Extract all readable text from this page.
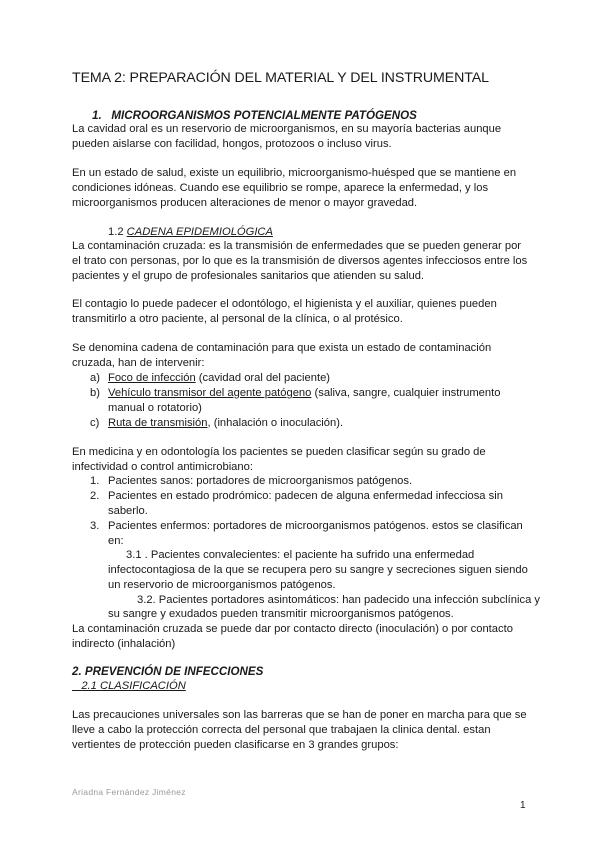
TEMA 2: PREPARACIÓN DEL MATERIAL Y DEL INSTRUMENTAL
1. MICROORGANISMOS POTENCIALMENTE PATÓGENOS
La cavidad oral es un reservorio de microorganismos, en su mayoría bacterias aunque
pueden aislarse con facilidad, hongos, protozoos o incluso virus.
En un estado de salud, existe un equilibrio, microorganismo-huésped que se mantiene en
condiciones idóneas. Cuando ese equilibrio se rompe, aparece la enfermedad, y los
microorganismos producen alteraciones de menor o mayor gravedad.
1.2 CADENA EPIDEMIOLÓGICA
La contaminación cruzada: es la transmisión de enfermedades que se pueden generar por
el trato con personas, por lo que es la transmisión de diversos agentes infecciosos entre los
pacientes y el grupo de profesionales sanitarios que atienden su salud.
El contagio lo puede padecer el odontólogo, el higienista y el auxiliar, quienes pueden
transmitirlo a otro paciente, al personal de la clínica, o al protésico.
Se denomina cadena de contaminación para que exista un estado de contaminación
cruzada, han de intervenir:
a) Foco de infección (cavidad oral del paciente)
b) Vehículo transmisor del agente patógeno (saliva, sangre, cualquier instrumento
manual o rotatorio)
c) Ruta de transmisión, (inhalación o inoculación).
En medicina y en odontología los pacientes se pueden clasificar según su grado de
infectividad o control antimicrobiano:
1. Pacientes sanos: portadores de microorganismos patógenos.
2. Pacientes en estado prodrómico: padecen de alguna enfermedad infecciosa sin
saberlo.
3. Pacientes enfermos: portadores de microorganismos patógenos. estos se clasifican
en:
3.1 . Pacientes convalecientes: el paciente ha sufrido una enfermedad
infectocontagiosa de la que se recupera pero su sangre y secreciones siguen siendo
un reservorio de microorganismos patógenos.
3.2. Pacientes portadores asintomáticos: han padecido una infección subclínica y
su sangre y exudados pueden transmitir microorganismos patógenos.
La contaminación cruzada se puede dar por contacto directo (inoculación) o por contacto
indirecto (inhalación)
2. PREVENCIÓN DE INFECCIONES
2.1 CLASIFICACIÓN
Las precauciones universales son las barreras que se han de poner en marcha para que se
lleve a cabo la protección correcta del personal que trabajaen la clinica dental. estan
vertientes de protección pueden clasificarse en 3 grandes grupos:
Ariadna Fernández Jiménez
1
